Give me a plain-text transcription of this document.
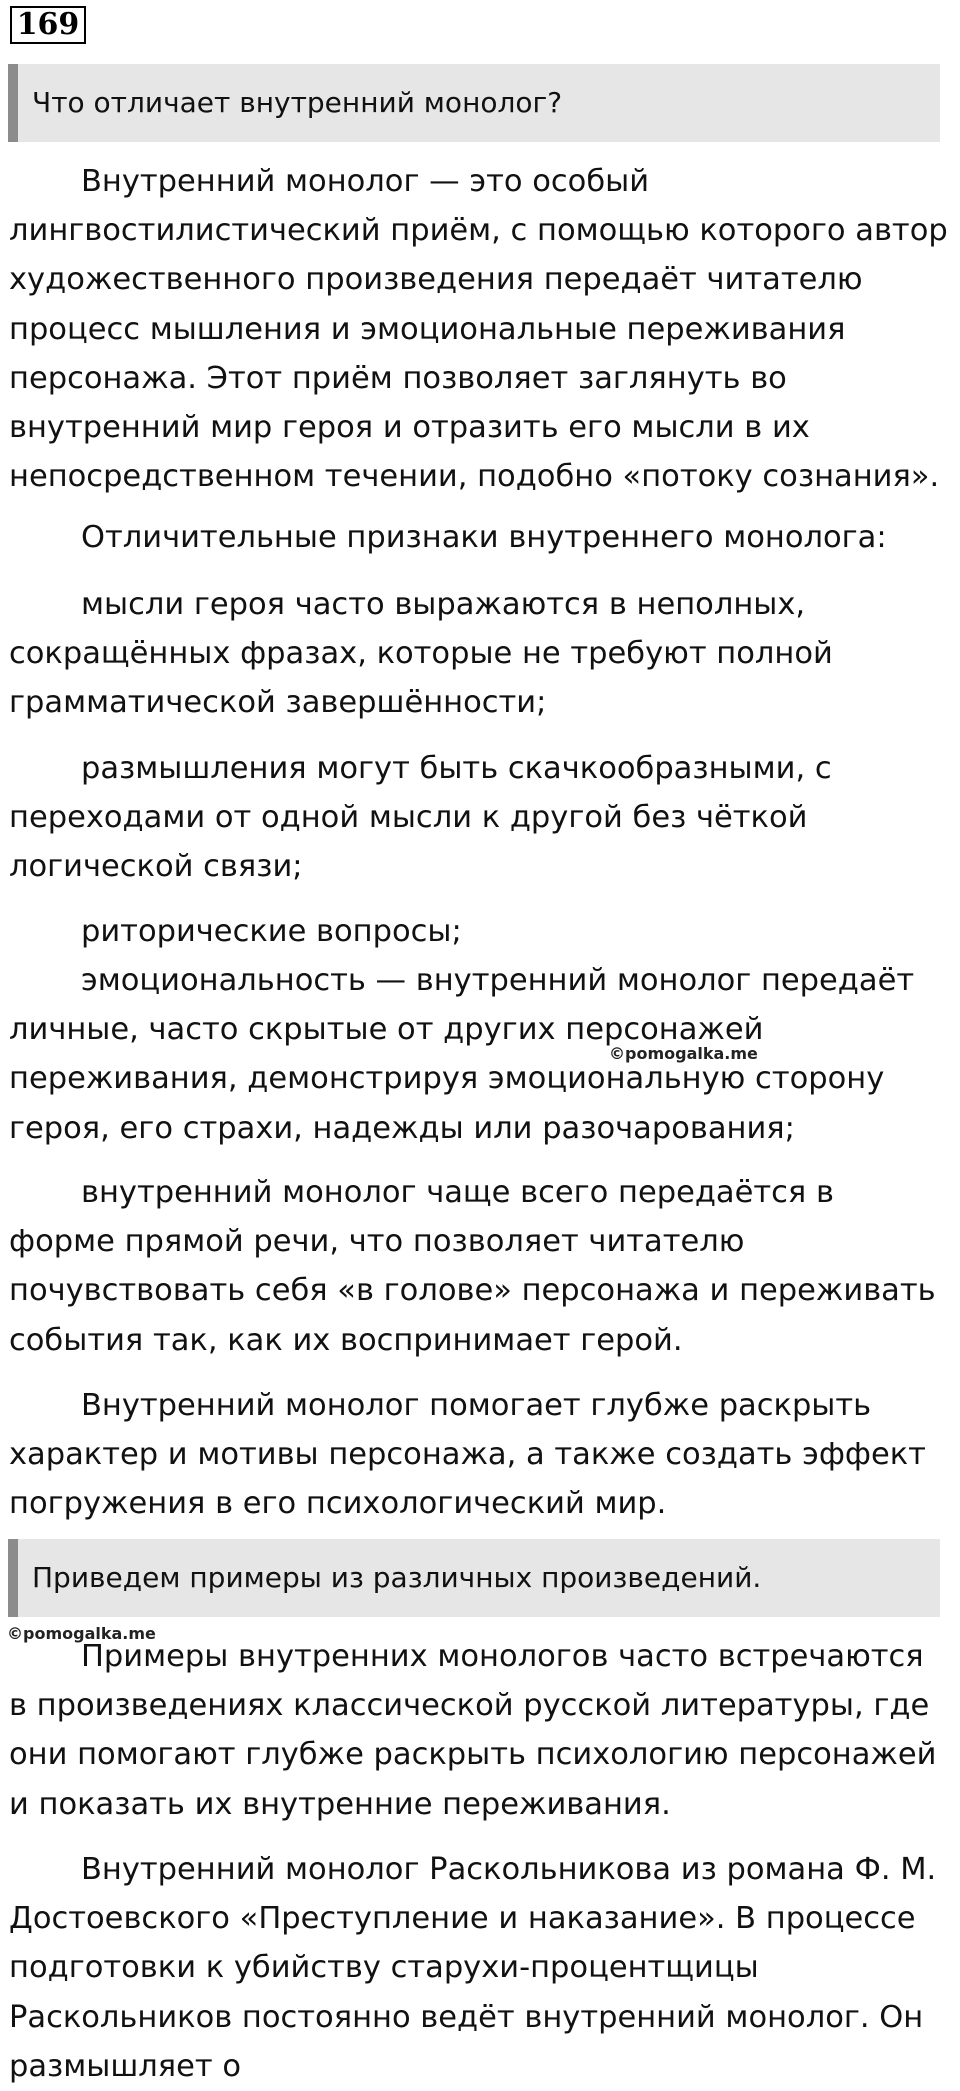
169
Что отличает внутренний монолог?

Внутренний монолог — это особый лингвостилистический приём, с помощью которого автор художественного произведения передаёт читателю процесс мышления и эмоциональные переживания персонажа. Этот приём позволяет заглянуть во внутренний мир героя и отразить его мысли в их непосредственном течении, подобно «потоку сознания».

Отличительные признаки внутреннего монолога:

мысли героя часто выражаются в неполных, сокращённых фразах, которые не требуют полной грамматической завершённости;

размышления могут быть скачкообразными, с переходами от одной мысли к другой без чёткой логической связи;

риторические вопросы;

эмоциональность — внутренний монолог передаёт личные, часто скрытые от других персонажей переживания, демонстрируя эмоциональную сторону героя, его страхи, надежды или разочарования;

внутренний монолог чаще всего передаётся в форме прямой речи, что позволяет читателю почувствовать себя «в голове» персонажа и переживать события так, как их воспринимает герой.

Внутренний монолог помогает глубже раскрыть характер и мотивы персонажа, а также создать эффект погружения в его психологический мир.

Приведем примеры из различных произведений.
©pomogalka.me
©pomogalka.me

Примеры внутренних монологов часто встречаются в произведениях классической русской литературы, где они помогают глубже раскрыть психологию персонажей и показать их внутренние переживания.

Внутренний монолог Раскольникова из романа Ф. М. Достоевского «Преступление и наказание». В процессе подготовки к убийству старухи-процентщицы Раскольников постоянно ведёт внутренний монолог. Он размышляет о
